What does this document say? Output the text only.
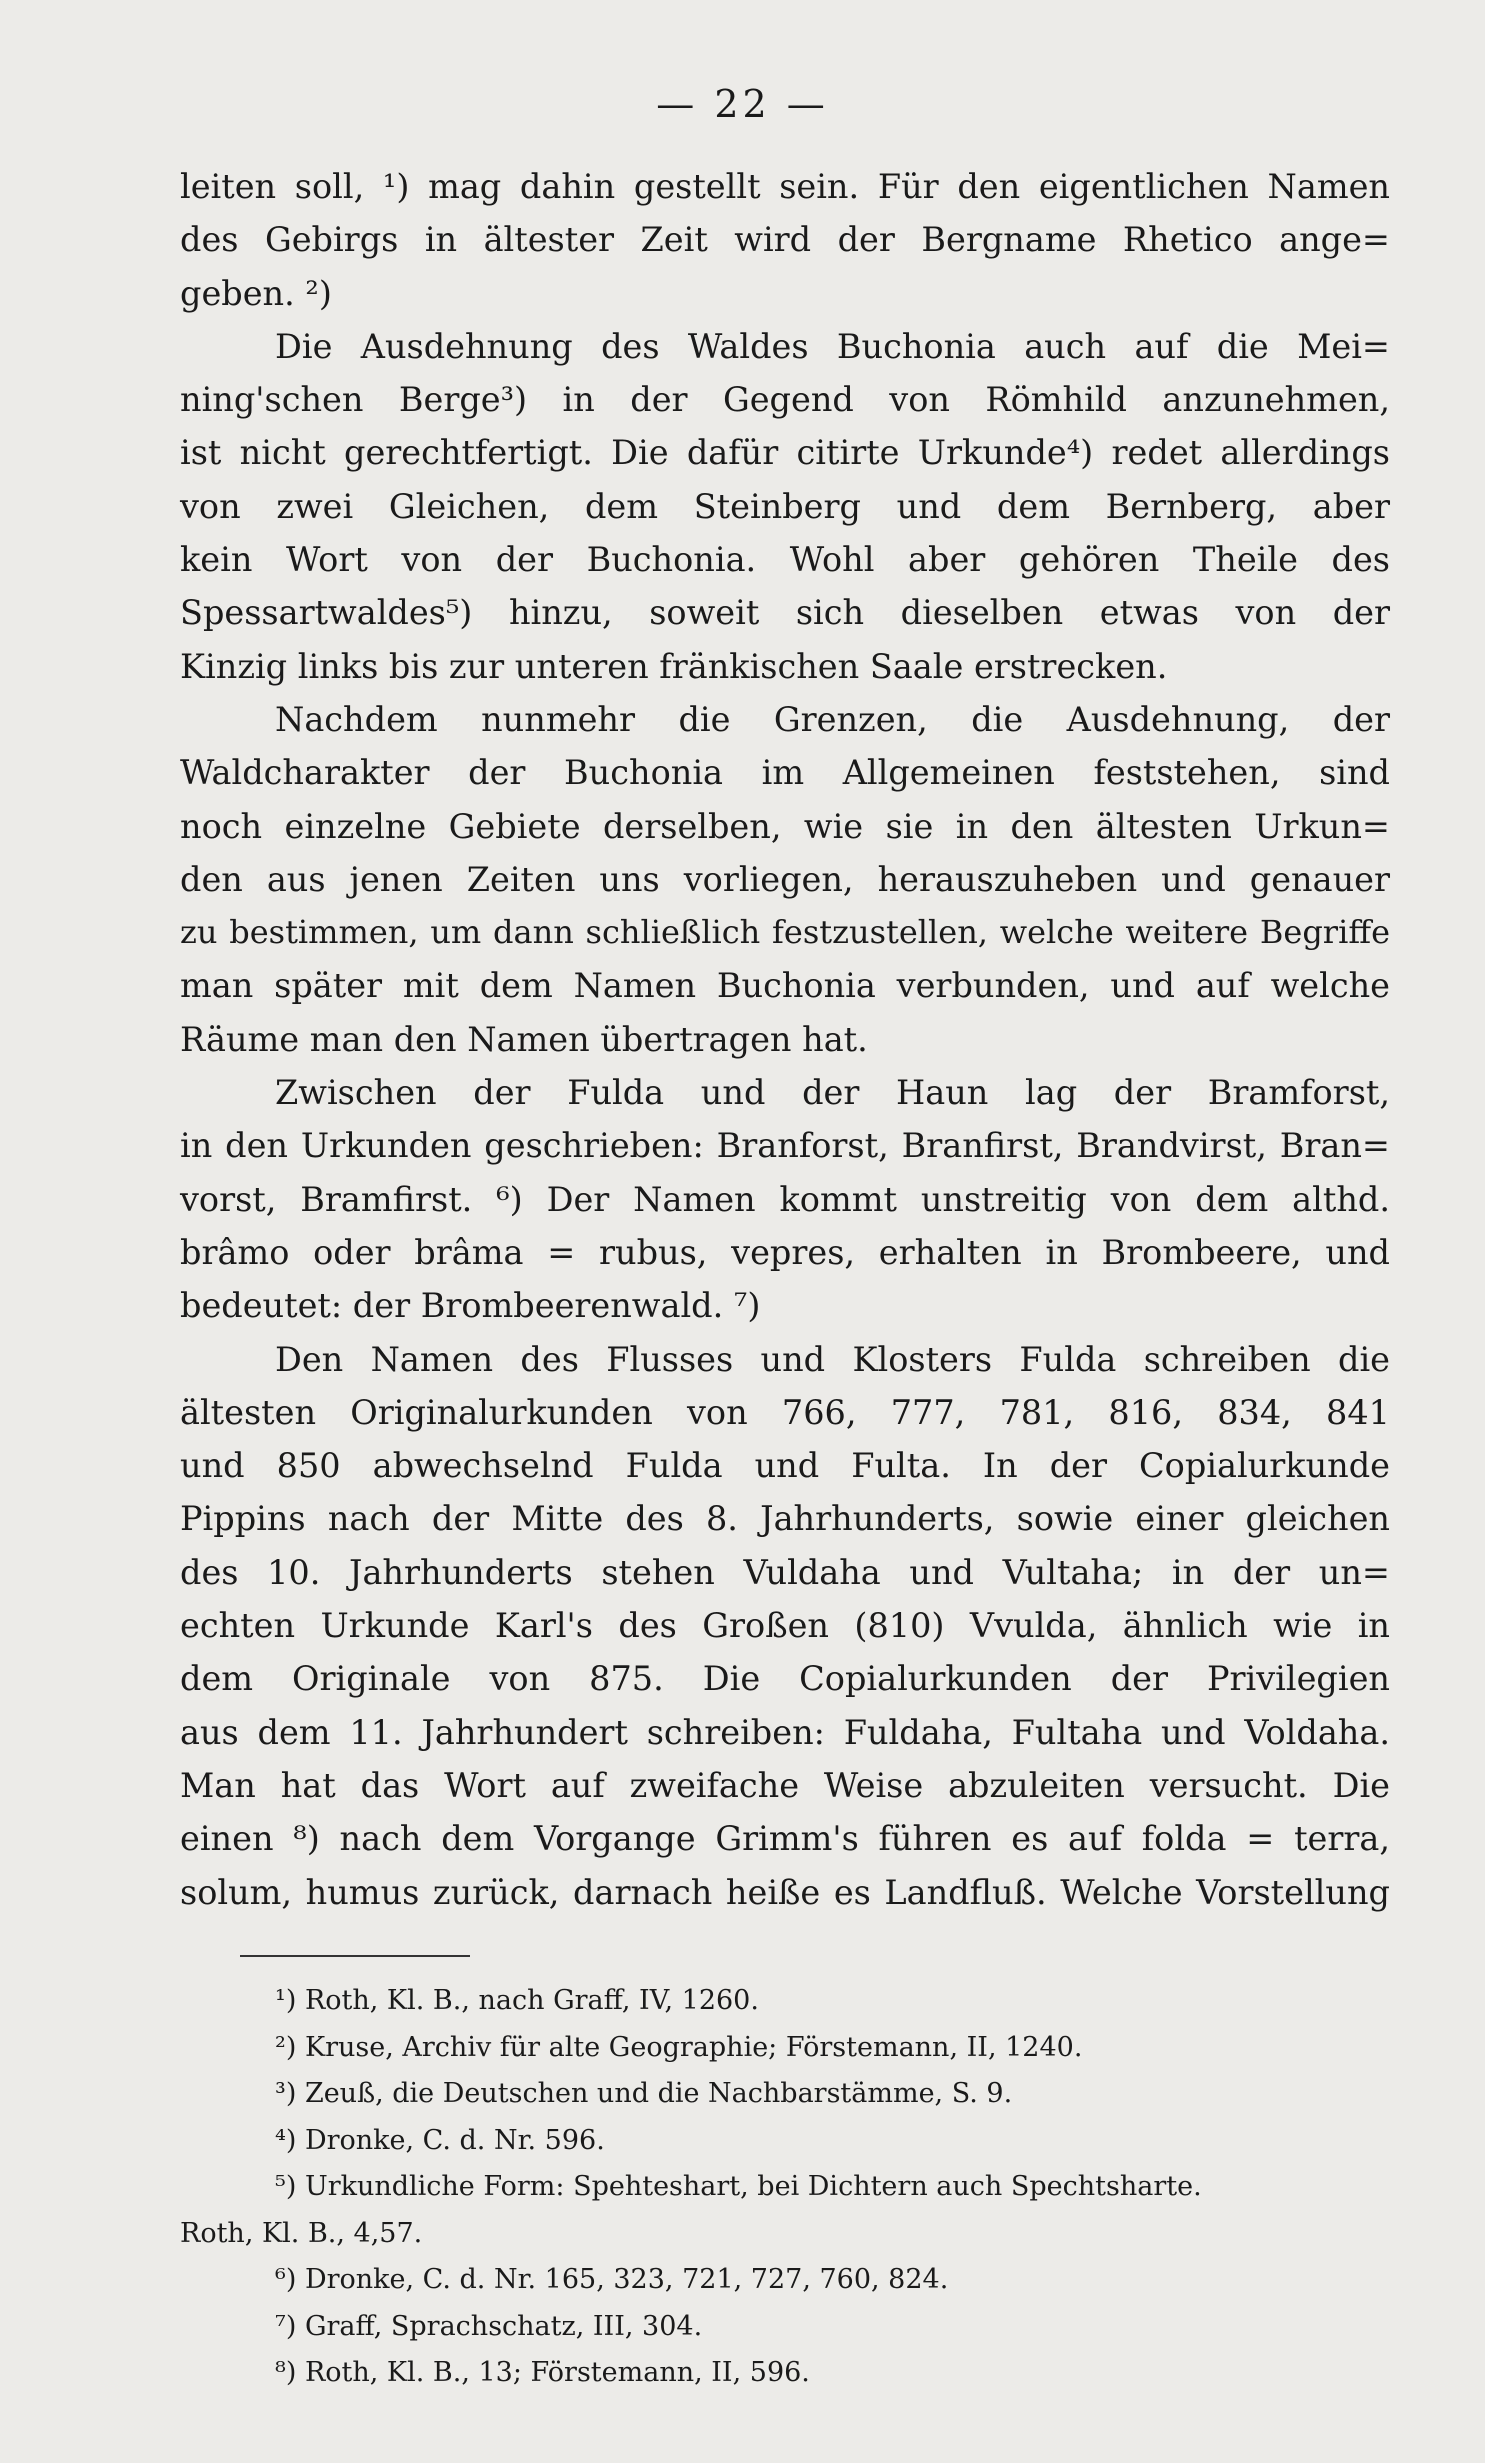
— 22 —
leiten soll, ¹) mag dahin gestellt sein. Für den eigentlichen Namen
des Gebirgs in ältester Zeit wird der Bergname Rhetico ange=
geben. ²)
Die Ausdehnung des Waldes Buchonia auch auf die Mei=
ning'schen Berge³) in der Gegend von Römhild anzunehmen,
ist nicht gerechtfertigt. Die dafür citirte Urkunde⁴) redet allerdings
von zwei Gleichen, dem Steinberg und dem Bernberg, aber
kein Wort von der Buchonia. Wohl aber gehören Theile des
Spessartwaldes⁵) hinzu, soweit sich dieselben etwas von der
Kinzig links bis zur unteren fränkischen Saale erstrecken.
Nachdem nunmehr die Grenzen, die Ausdehnung, der
Waldcharakter der Buchonia im Allgemeinen feststehen, sind
noch einzelne Gebiete derselben, wie sie in den ältesten Urkun=
den aus jenen Zeiten uns vorliegen, herauszuheben und genauer
zu bestimmen, um dann schließlich festzustellen, welche weitere Begriffe
man später mit dem Namen Buchonia verbunden, und auf welche
Räume man den Namen übertragen hat.
Zwischen der Fulda und der Haun lag der Bramforst,
in den Urkunden geschrieben: Branforst, Branfirst, Brandvirst, Bran=
vorst, Bramfirst. ⁶) Der Namen kommt unstreitig von dem althd.
brâmo oder brâma = rubus, vepres, erhalten in Brombeere, und
bedeutet: der Brombeerenwald. ⁷)
Den Namen des Flusses und Klosters Fulda schreiben die
ältesten Originalurkunden von 766, 777, 781, 816, 834, 841
und 850 abwechselnd Fulda und Fulta. In der Copialurkunde
Pippins nach der Mitte des 8. Jahrhunderts, sowie einer gleichen
des 10. Jahrhunderts stehen Vuldaha und Vultaha; in der un=
echten Urkunde Karl's des Großen (810) Vvulda, ähnlich wie in
dem Originale von 875. Die Copialurkunden der Privilegien
aus dem 11. Jahrhundert schreiben: Fuldaha, Fultaha und Voldaha.
Man hat das Wort auf zweifache Weise abzuleiten versucht. Die
einen ⁸) nach dem Vorgange Grimm's führen es auf folda = terra,
solum, humus zurück, darnach heiße es Landfluß. Welche Vorstellung
¹) Roth, Kl. B., nach Graff, IV, 1260.
²) Kruse, Archiv für alte Geographie; Förstemann, II, 1240.
³) Zeuß, die Deutschen und die Nachbarstämme, S. 9.
⁴) Dronke, C. d. Nr. 596.
⁵) Urkundliche Form: Spehteshart, bei Dichtern auch Spechtsharte.
Roth, Kl. B., 4,57.
⁶) Dronke, C. d. Nr. 165, 323, 721, 727, 760, 824.
⁷) Graff, Sprachschatz, III, 304.
⁸) Roth, Kl. B., 13; Förstemann, II, 596.
